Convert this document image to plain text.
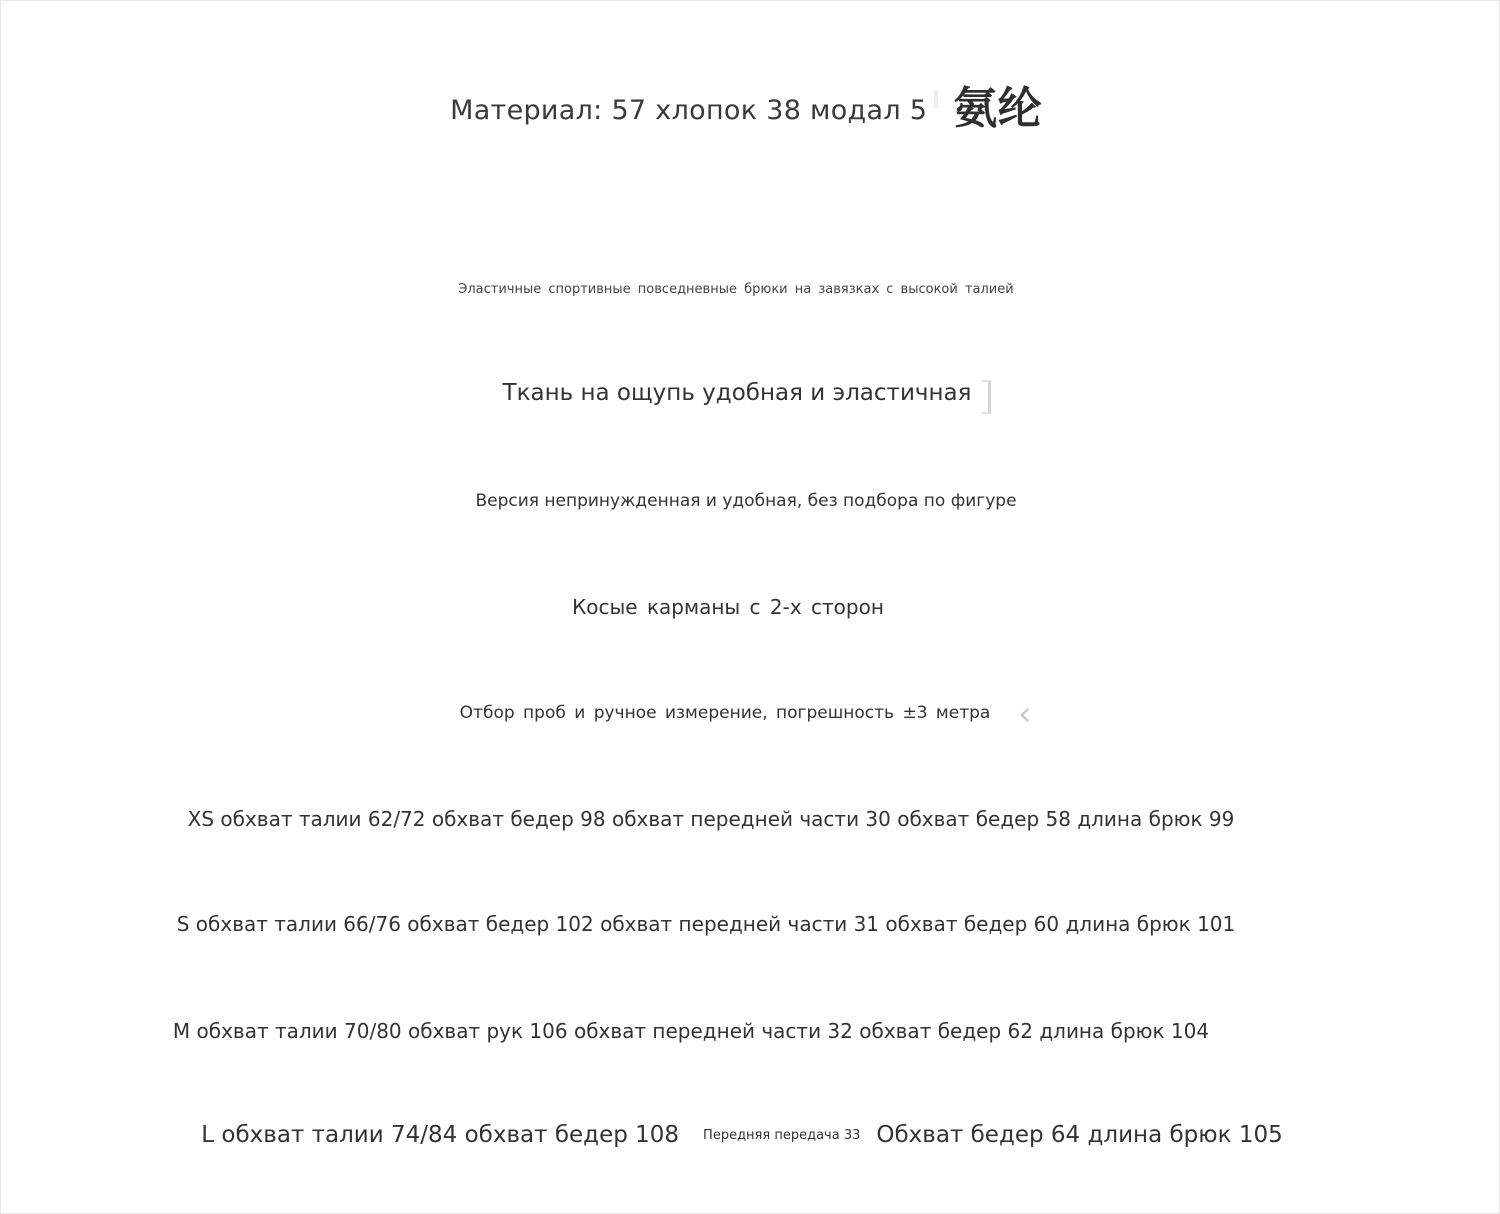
Материал: 57 хлопок 38 модал 5 氨纶
Эластичные спортивные повседневные брюки на завязках с высокой талией
Ткань на ощупь удобная и эластичная
Версия непринужденная и удобная, без подбора по фигуре
Косые карманы с 2-х сторон
Отбор проб и ручное измерение, погрешность ±3 метра ‹
XS обхват талии 62/72 обхват бедер 98 обхват передней части 30 обхват бедер 58 длина брюк 99
S обхват талии 66/76 обхват бедер 102 обхват передней части 31 обхват бедер 60 длина брюк 101
M обхват талии 70/80 обхват рук 106 обхват передней части 32 обхват бедер 62 длина брюк 104
L обхват талии 74/84 обхват бедер 108 Передняя передача 33 Обхват бедер 64 длина брюк 105
